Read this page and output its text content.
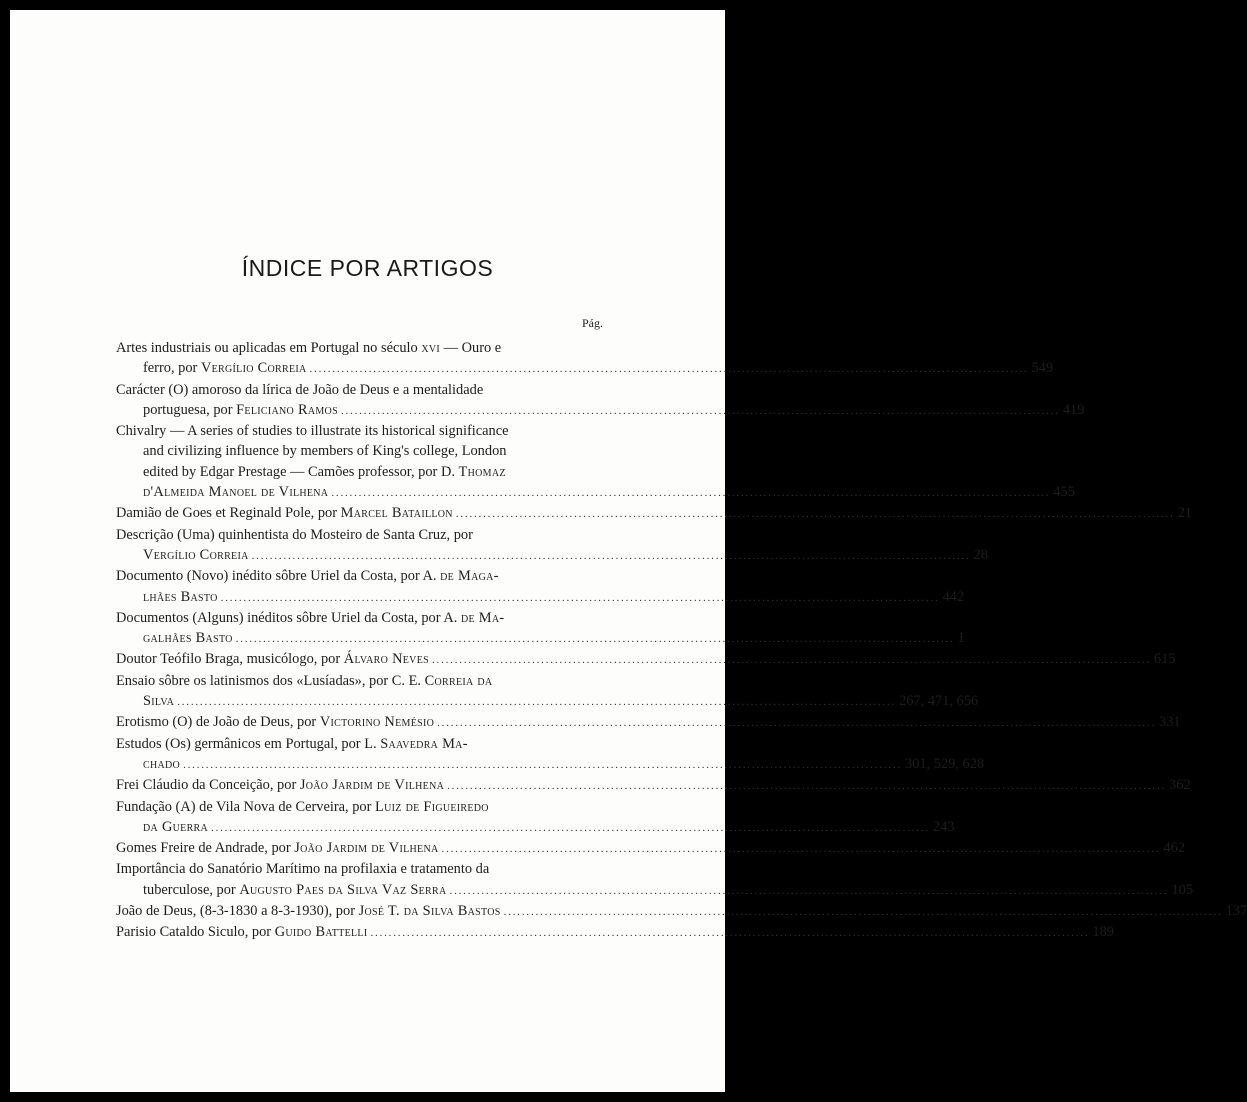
ÍNDICE POR ARTIGOS
Pág.
Artes industriais ou aplicadas em Portugal no século xvi — Ouro e
ferro, por Vergílio Correia .....	549
Carácter (O) amoroso da lírica de João de Deus e a mentalidade
portuguesa, por Feliciano Ramos .....	419
Chivalry — A series of studies to illustrate its historical significance
and civilizing influence by members of King's college, London
edited by Edgar Prestage — Camões professor, por D. Thomaz
d'Almeida Manoel de Vilhena .....	455
Damião de Goes et Reginald Pole, por Marcel Bataillon .....	21
Descrição (Uma) quinhentista do Mosteiro de Santa Cruz, por
Vergílio Correia .....	28
Documento (Novo) inédito sôbre Uriel da Costa, por A. de Maga-
lhães Basto .....	442
Documentos (Alguns) inéditos sôbre Uriel da Costa, por A. de Ma-
galhães Basto .....	1
Doutor Teófilo Braga, musicólogo, por Álvaro Neves .....	615
Ensaio sôbre os latinismos dos «Lusíadas», por C. E. Correia da
Silva .....	267, 471, 656
Erotismo (O) de João de Deus, por Victorino Nemésio .....	331
Estudos (Os) germânicos em Portugal, por L. Saavedra Ma-
chado .....	301, 529, 628
Frei Cláudio da Conceição, por João Jardim de Vilhena .....	362
Fundação (A) de Vila Nova de Cerveira, por Luiz de Figueiredo
da Guerra .....	243
Gomes Freire de Andrade, por João Jardim de Vilhena .....	462
Importância do Sanatório Marítimo na profilaxia e tratamento da
tuberculose, por Augusto Paes da Silva Vaz Serra .....	105
João de Deus, (8-3-1830 a 8-3-1930), por José T. da Silva Bastos .....	137
Parisio Cataldo Siculo, por Guido Battelli .....	189
